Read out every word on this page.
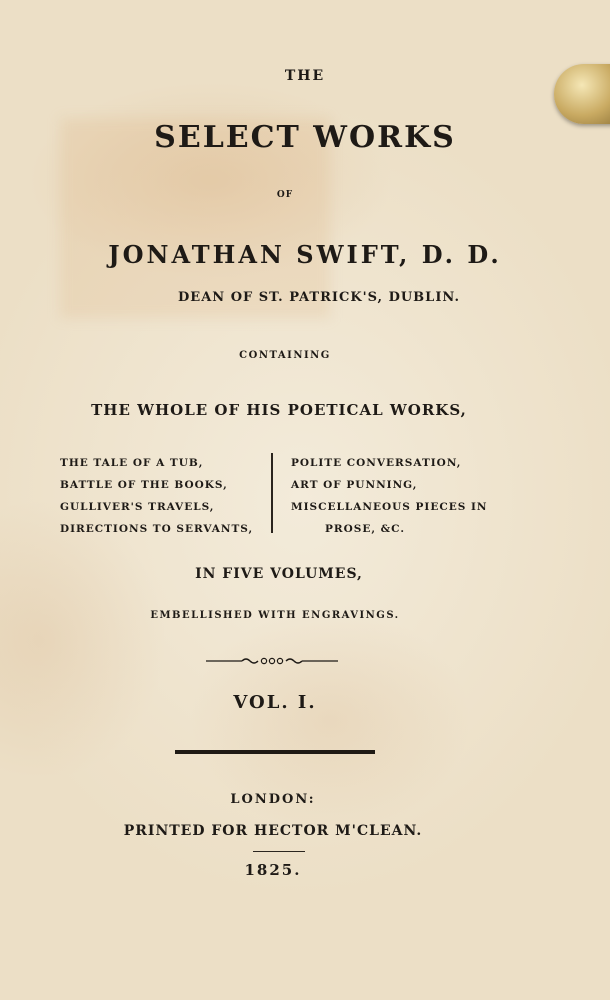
THE
SELECT WORKS
OF
JONATHAN SWIFT, D. D.
DEAN OF ST. PATRICK'S, DUBLIN.
CONTAINING
THE WHOLE OF HIS POETICAL WORKS,
THE TALE OF A TUB,
BATTLE OF THE BOOKS,
GULLIVER'S TRAVELS,
DIRECTIONS TO SERVANTS,
POLITE CONVERSATION,
ART OF PUNNING,
MISCELLANEOUS PIECES IN
PROSE, &C.
IN FIVE VOLUMES,
EMBELLISHED WITH ENGRAVINGS.
VOL. I.
LONDON:
PRINTED FOR HECTOR M'CLEAN.
1825.
